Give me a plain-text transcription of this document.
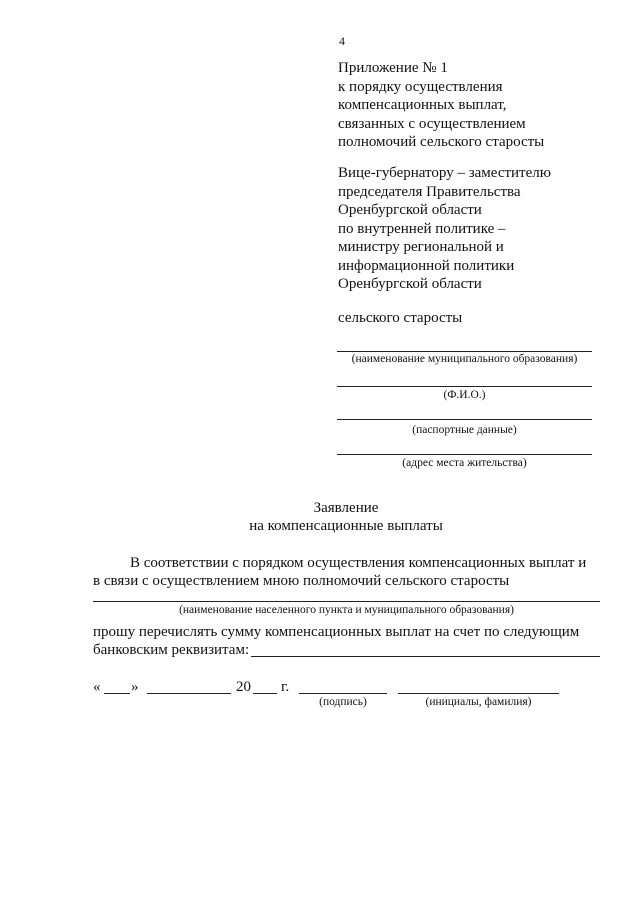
4
Приложение № 1
к порядку осуществления
компенсационных выплат,
связанных с осуществлением
полномочий сельского старосты
Вице-губернатору – заместителю
председателя Правительства
Оренбургской области
по внутренней политике –
министру региональной и
информационной политики
Оренбургской области
сельского старосты
(наименование муниципального образования)
(Ф.И.О.)
(паспортные данные)
(адрес места жительства)
Заявление
на компенсационные выплаты
В соответствии с порядком осуществления компенсационных выплат и
в связи с осуществлением мною полномочий сельского старосты
(наименование населенного пункта и муниципального образования)
прошу перечислять сумму компенсационных выплат на счет по следующим
банковским реквизитам:
« »	20 г.
(подпись)	(инициалы, фамилия)
